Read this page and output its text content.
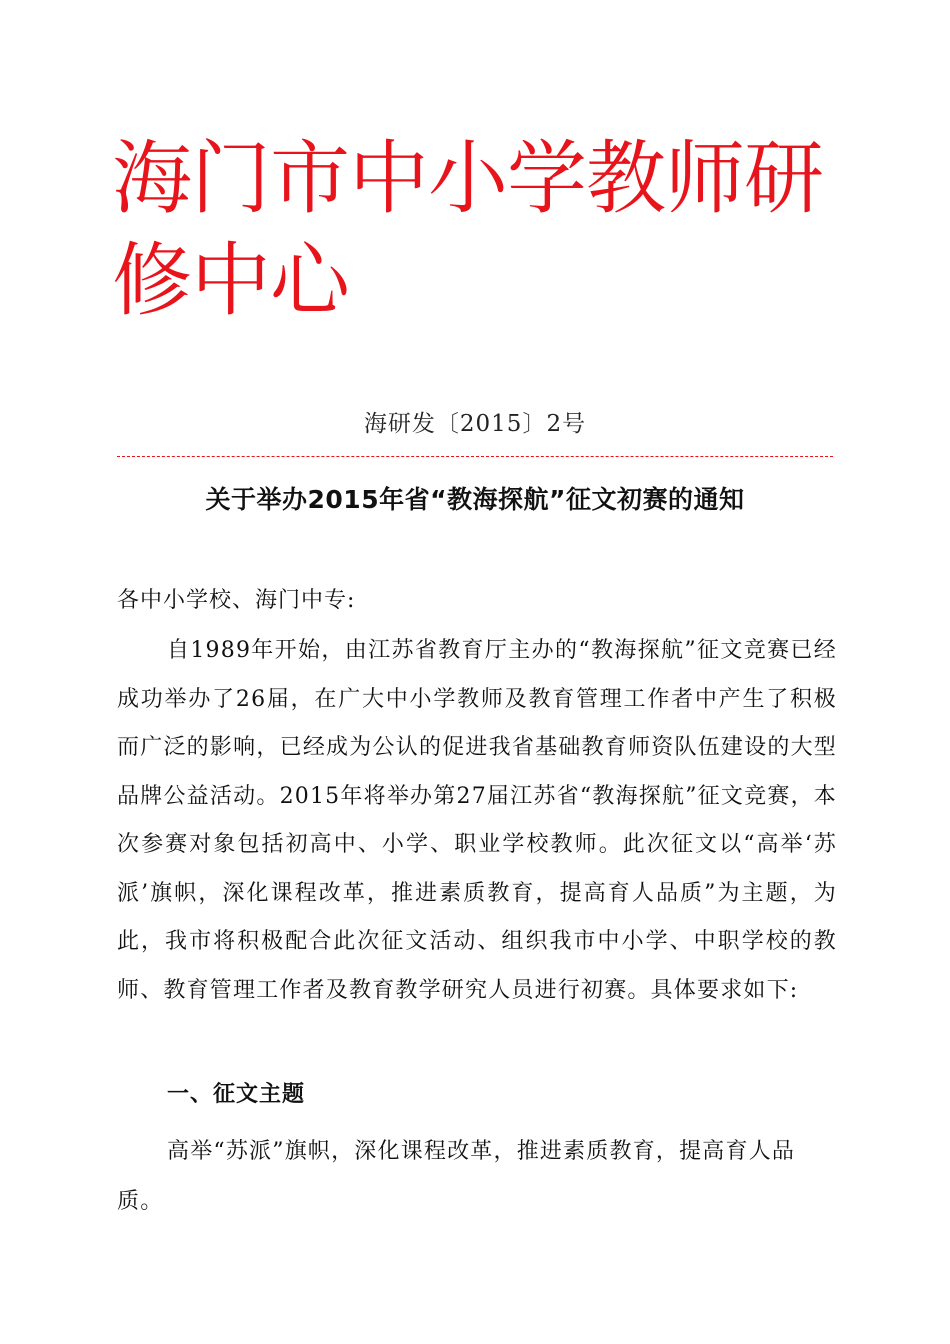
海门市中小学教师研修中心
海研发〔2015〕2号
关于举办2015年省“教海探航”征文初赛的通知
各中小学校、海门中专:
自1989年开始，由江苏省教育厅主办的“教海探航”征文竞赛已经成功举办了26届，在广大中小学教师及教育管理工作者中产生了积极而广泛的影响，已经成为公认的促进我省基础教育师资队伍建设的大型品牌公益活动。2015年将举办第27届江苏省“教海探航”征文竞赛，本次参赛对象包括初高中、小学、职业学校教师。此次征文以“高举‘苏派’旗帜，深化课程改革，推进素质教育，提高育人品质”为主题，为此，我市将积极配合此次征文活动、组织我市中小学、中职学校的教师、教育管理工作者及教育教学研究人员进行初赛。具体要求如下:
一、征文主题
高举“苏派”旗帜，深化课程改革，推进素质教育，提高育人品质。
